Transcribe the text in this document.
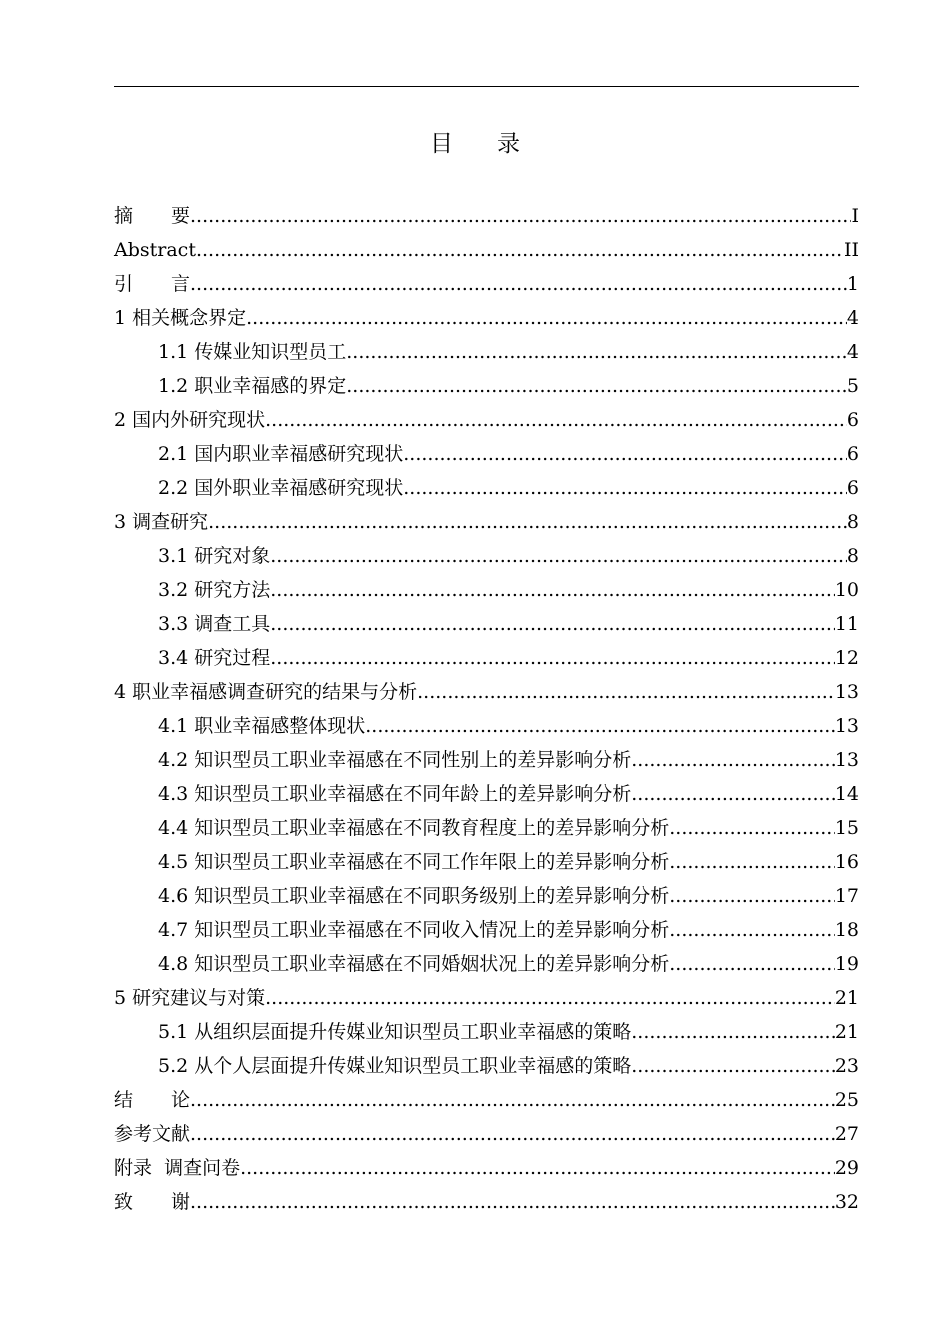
目录
摘　　要 .....	I
Abstract .....	II
引　　言 .....	1
1 相关概念界定 .....	4
1.1 传媒业知识型员工 .....	4
1.2 职业幸福感的界定 .....	5
2 国内外研究现状 .....	6
2.1 国内职业幸福感研究现状 .....	6
2.2 国外职业幸福感研究现状 .....	6
3 调查研究 .....	8
3.1 研究对象 .....	8
3.2 研究方法 .....	10
3.3 调查工具 .....	11
3.4 研究过程 .....	12
4 职业幸福感调查研究的结果与分析 .....	13
4.1 职业幸福感整体现状 .....	13
4.2 知识型员工职业幸福感在不同性别上的差异影响分析 .....	13
4.3 知识型员工职业幸福感在不同年龄上的差异影响分析 .....	14
4.4 知识型员工职业幸福感在不同教育程度上的差异影响分析 .....	15
4.5 知识型员工职业幸福感在不同工作年限上的差异影响分析 .....	16
4.6 知识型员工职业幸福感在不同职务级别上的差异影响分析 .....	17
4.7 知识型员工职业幸福感在不同收入情况上的差异影响分析 .....	18
4.8 知识型员工职业幸福感在不同婚姻状况上的差异影响分析 .....	19
5 研究建议与对策 .....	21
5.1 从组织层面提升传媒业知识型员工职业幸福感的策略 .....	21
5.2 从个人层面提升传媒业知识型员工职业幸福感的策略 .....	23
结　　论 .....	25
参考文献 .....	27
附录  调查问卷 .....	29
致　　谢 .....	32
